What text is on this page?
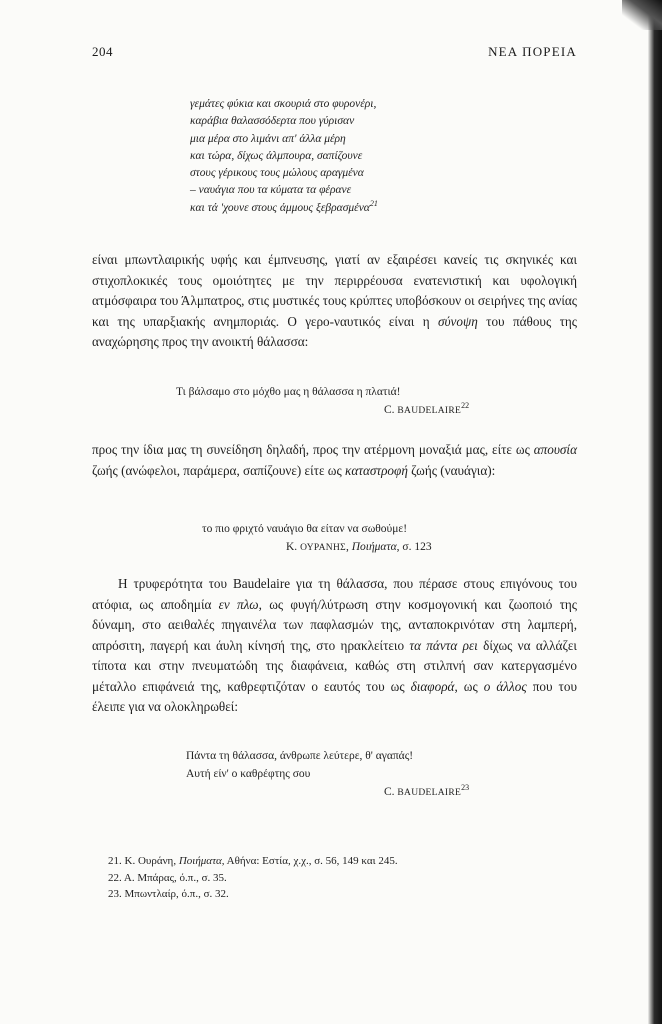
204	ΝΕΑ ΠΟΡΕΙΑ
γεμάτες φύκια και σκουριά στο φυρονέρι,
καράβια θαλασσόδερτα που γύρισαν
μια μέρα στο λιμάνι απ' άλλα μέρη
και τώρα, δίχως άλμπουρα, σαπίζουνε
στους γέρικους τους μώλους αραγμένα
– ναυάγια που τα κύματα τα φέρανε
και τά 'χουνε στους άμμους ξεβρασμένα$^{21}$

είναι μπωντλαιρικής υφής και έμπνευσης, γιατί αν εξαιρέσει κανείς τις σκηνικές και στιχοπλοκικές τους ομοιότητες με την περιρρέουσα ενατενιστική και υφολογική ατμόσφαιρα του Άλμπατρος, στις μυστικές τους κρύπτες υποβόσκουν οι σειρήνες της ανίας και της υπαρξιακής ανημποριάς. Ο γερο-ναυτικός είναι η σύνοψη του πάθους της αναχώρησης προς την ανοικτή θάλασσα:

Τι βάλσαμο στο μόχθο μας η θάλασσα η πλατιά!
C. BAUDELAIRE$^{22}$

προς την ίδια μας τη συνείδηση δηλαδή, προς την ατέρμονη μοναξιά μας, είτε ως απουσία ζωής (ανώφελοι, παράμερα, σαπίζουνε) είτε ως καταστροφή ζωής (ναυάγια):

το πιο φριχτό ναυάγιο θα είταν να σωθούμε!
Κ. ΟΥΡΑΝΗΣ, Ποιήματα, σ. 123

Η τρυφερότητα του Baudelaire για τη θάλασσα, που πέρασε στους επιγόνους του ατόφια, ως αποδημία εν πλω, ως φυγή/λύτρωση στην κοσμογονική και ζωοποιό της δύναμη, στο αειθαλές πηγαινέλα των παφλασμών της, ανταποκρινόταν στη λαμπερή, απρόσιτη, παγερή και άυλη κίνησή της, στο ηρακλείτειο τα πάντα ρει δίχως να αλλάζει τίποτα και στην πνευματώδη της διαφάνεια, καθώς στη στιλπνή σαν κατεργασμένο μέταλλο επιφάνειά της, καθρεφτιζόταν ο εαυτός του ως διαφορά, ως ο άλλος που του έλειπε για να ολοκληρωθεί:

Πάντα τη θάλασσα, άνθρωπε λεύτερε, θ' αγαπάς!
Αυτή είν' ο καθρέφτης σου
C. BAUDELAIRE$^{23}$
21. Κ. Ουράνη, Ποιήματα, Αθήνα: Εστία, χ.χ., σ. 56, 149 και 245.
22. Α. Μπάρας, ό.π., σ. 35.
23. Μπωντλαίρ, ό.π., σ. 32.
